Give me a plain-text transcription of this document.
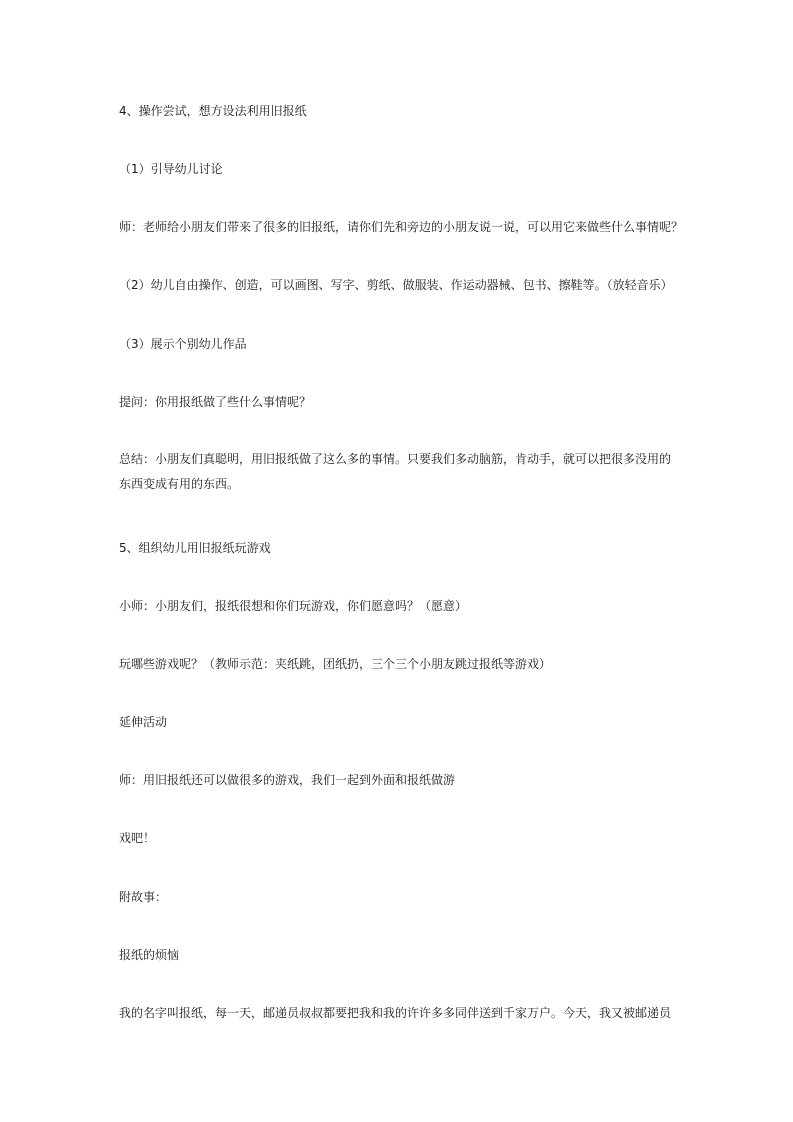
4、操作尝试，想方设法利用旧报纸
（1）引导幼儿讨论
师：老师给小朋友们带来了很多的旧报纸，请你们先和旁边的小朋友说一说，可以用它来做些什么事情呢？
（2）幼儿自由操作、创造，可以画图、写字、剪纸、做服装、作运动器械、包书、擦鞋等。（放轻音乐）
（3）展示个别幼儿作品
提问：你用报纸做了些什么事情呢？
总结：小朋友们真聪明，用旧报纸做了这么多的事情。只要我们多动脑筋，肯动手，就可以把很多没用的东西变成有用的东西。
5、组织幼儿用旧报纸玩游戏
小师：小朋友们，报纸很想和你们玩游戏，你们愿意吗？（愿意）
玩哪些游戏呢？（教师示范：夹纸跳，团纸扔，三个三个小朋友跳过报纸等游戏）
延伸活动
师：用旧报纸还可以做很多的游戏，我们一起到外面和报纸做游
戏吧！
附故事：
报纸的烦恼
我的名字叫报纸，每一天，邮递员叔叔都要把我和我的许许多多同伴送到千家万户。今天，我又被邮递员
